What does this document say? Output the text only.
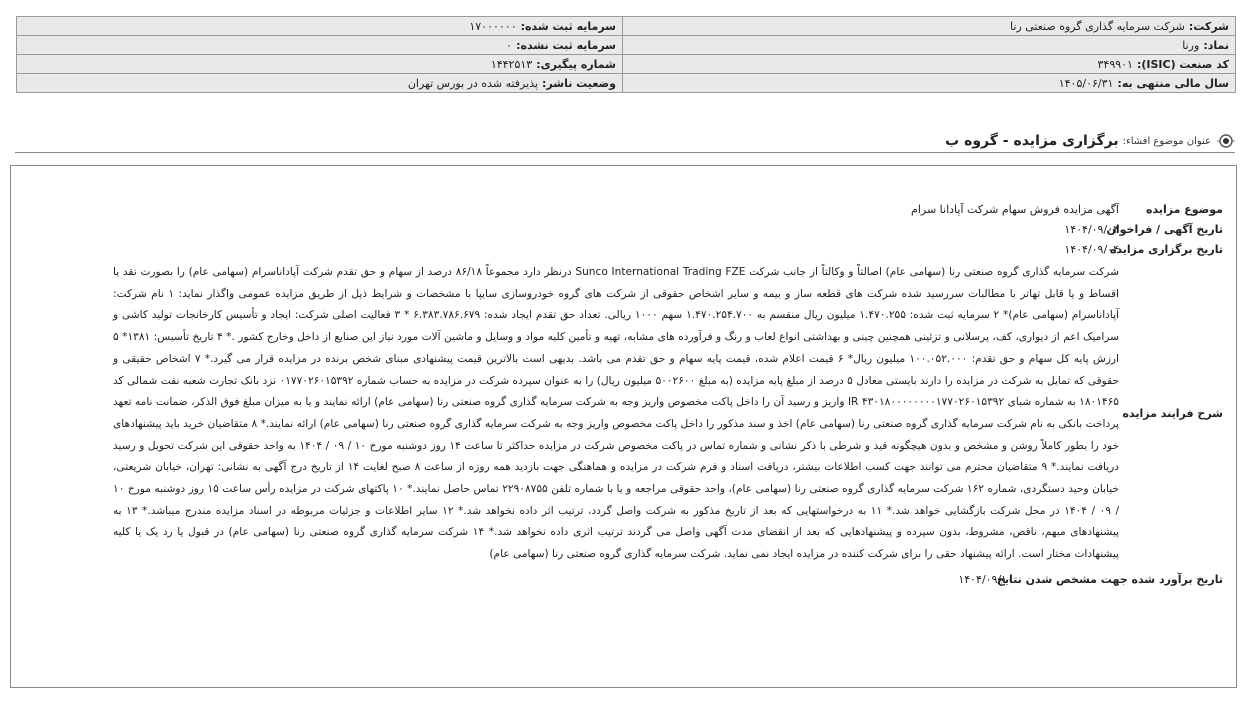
شرکت:شرکت سرمایه گذاری گروه صنعتی رنا	سرمایه ثبت شده:۱۷۰۰۰۰۰۰
نماد:ورنا	سرمایه ثبت نشده:۰
کد صنعت (ISIC):۳۴۹۹۰۱	شماره پیگیری:۱۴۴۲۵۱۳
سال مالی منتهی به:۱۴۰۵/۰۶/۳۱	وضعیت ناشر:پذیرفته شده در بورس تهران
عنوان موضوع افشاء:
برگزاری مزایده - گروه ب
موضوع مزایده
آگهی مزایده فروش سهام شرکت آپادانا سرام
تاریخ آگهی / فراخوان
۱۴۰۴/۰۹/۰۴
تاریخ برگزاری مزایده
۱۴۰۴/۰۹/۰۴
شرح فرایند مزایده
شرکت سرمایه گذاری گروه صنعتی رنا (سهامی عام) اصالتاً و وکالتاً از جانب شرکت Sunco International Trading FZE درنظر دارد مجموعاً ۸۶/۱۸ درصد از سهام و حق تقدم شرکت آپاداناسرام (سهامی عام) را بصورت نقد یا اقساط و یا قابل تهاتر با مطالبات سررسید شده شرکت های قطعه ساز و بیمه و سایر اشخاص حقوقی از شرکت های گروه خودروسازی سایپا با مشخصات و شرایط ذیل از طریق مزایده عمومی واگذار نماید: ۱ نام شرکت: آپاداناسرام (سهامی عام)* ۲ سرمایه ثبت شده: ۱.۴۷۰.۲۵۵ میلیون ریال منقسم به ۱.۴۷۰.۲۵۴.۷۰۰ سهم ۱۰۰۰ ریالی. تعداد حق تقدم ایجاد شده: ۶.۳۸۳.۷۸۶.۶۷۹ * ۳ فعالیت اصلی شرکت: ایجاد و تأسیس کارخانجات تولید کاشی و سرامیک اعم از دیواری، کف، پرسلانی و تزئینی همچنین چینی و بهداشتی انواع لعاب و رنگ و فرآورده های مشابه، تهیه و تأمین کلیه مواد و وسایل و ماشین آلات مورد نیاز این صنایع از داخل وخارج کشور .* ۴ تاریخ تأسیس: ۱۳۸۱* ۵ ارزش پایه کل سهام و حق تقدم: ۱۰۰.۰۵۲.۰۰۰ میلیون ریال* ۶ قیمت اعلام شده، قیمت پایه سهام و حق تقدم می باشد. بدیهی است بالاترین قیمت پیشنهادی مبنای شخص برنده در مزایده قرار می گیرد.* ۷ اشخاص حقیقی و حقوقی که تمایل به شرکت در مزایده را دارند بایستی معادل ۵ درصد از مبلغ پایه مزایده (به مبلغ ۵۰۰۲۶۰۰ میلیون ریال) را به عنوان سپرده شرکت در مزایده به حساب شماره ۰۱۷۷۰۲۶۰۱۵۳۹۲ نزد بانک تجارت شعبه نفت شمالی کد ۱۸۰۱۴۶۵ به شماره شبای IR ۴۳۰۱۸۰۰۰۰۰۰۰۰۱۷۷۰۲۶۰۱۵۳۹۲ واریز و رسید آن را داخل پاکت مخصوص واریز وجه به شرکت سرمایه گذاری گروه صنعتی رنا (سهامی عام) ارائه نمایند و یا به میزان مبلغ فوق الذکر، ضمانت نامه تعهد پرداخت بانکی به نام شرکت سرمایه گذاری گروه صنعتی رنا (سهامی عام) اخذ و سند مذکور را داخل پاکت مخصوص واریز وجه به شرکت سرمایه گذاری گروه صنعتی رنا (سهامی عام) ارائه نمایند.* ۸ متقاضیان خرید باید پیشنهادهای خود را بطور کاملاً روشن و مشخص و بدون هیچگونه قید و شرطی با ذکر نشانی و شماره تماس در پاکت مخصوص شرکت در مزایده حداکثر تا ساعت ۱۴ روز دوشنبه مورخ ۱۰ / ۰۹ / ۱۴۰۴ به واحد حقوقی این شرکت تحویل و رسید دریافت نمایند.* ۹ متقاضیان محترم می توانند جهت کسب اطلاعات بیشتر، دریافت اسناد و فرم شرکت در مزایده و هماهنگی جهت بازدید همه روزه از ساعت ۸ صبح لغایت ۱۴ از تاریخ درج آگهی به نشانی: تهران، خیابان شریعتی، خیابان وحید دستگردی، شماره ۱۶۲ شرکت سرمایه گذاری گروه صنعتی رنا (سهامی عام)، واحد حقوقی مراجعه و یا با شماره تلفن ۲۲۹۰۸۷۵۵ تماس حاصل نمایند.* ۱۰ پاکتهای شرکت در مزایده رأس ساعت ۱۵ روز دوشنبه مورخ ۱۰ / ۰۹ / ۱۴۰۴ در محل شرکت بازگشایی خواهد شد.* ۱۱ به درخواستهایی که بعد از تاریخ مذکور به شرکت واصل گردد، ترتیب اثر داده نخواهد شد.* ۱۲ سایر اطلاعات و جزئیات مربوطه در اسناد مزایده مندرج میباشد.* ۱۳ به پیشنهادهای مبهم، ناقص، مشروط، بدون سپرده و پیشنهادهایی که بعد از انقضای مدت آگهی واصل می گردند ترتیب اثری داده نخواهد شد.* ۱۴ شرکت سرمایه گذاری گروه صنعتی رنا (سهامی عام) در قبول یا رد یک یا کلیه پیشنهادات مختار است. ارائه پیشنهاد حقی را برای شرکت کننده در مزایده ایجاد نمی نماید. شرکت سرمایه گذاری گروه صنعتی رنا (سهامی عام)
تاریخ برآورد شده جهت مشخص شدن نتایج
۱۴۰۴/۰۹/۱۰
